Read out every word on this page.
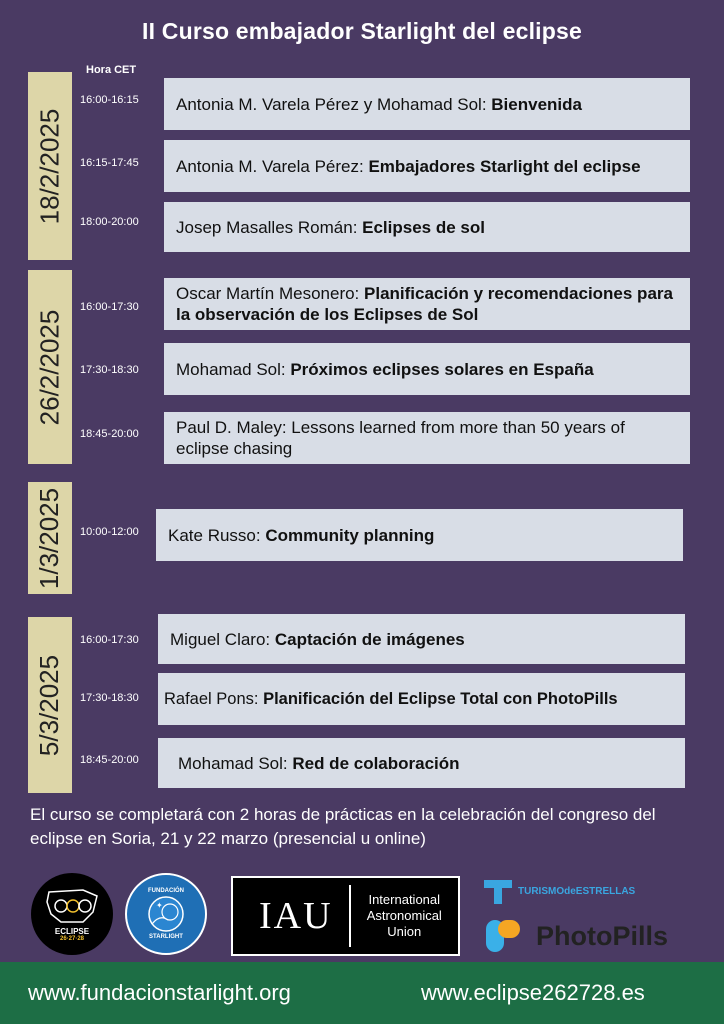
II Curso embajador Starlight del eclipse
Hora CET
18/2/2025
16:00-16:15	Antonia M. Varela Pérez y Mohamad Sol: Bienvenida
16:15-17:45	Antonia M. Varela Pérez: Embajadores Starlight del eclipse
18:00-20:00	Josep Masalles Román: Eclipses de sol
26/2/2025
16:00-17:30
Oscar Martín Mesonero: Planificación y recomendaciones para la observación de los Eclipses de Sol
17:30-18:30	Mohamad Sol: Próximos eclipses solares en España
18:45-20:00	Paul D. Maley: Lessons learned from more than 50 years of eclipse chasing
1/3/2025 10:00-12:00	Kate Russo: Community planning
5/3/2025
16:00-17:30	Miguel Claro: Captación de imágenes
17:30-18:30	Rafael Pons: Planificación del Eclipse Total con PhotoPills
18:45-20:00	Mohamad Sol: Red de colaboración
El curso se completará con 2 horas de prácticas en la celebración del congreso del eclipse en Soria, 21 y 22 marzo (presencial u online)
ECLIPSE
26·27·28
FUNDACIÓN
✦
STARLIGHT	IAU	International
Astronomical
Union
TURISMO deESTRELLAS
PhotoPills
www.fundacionstarlight.org	www.eclipse262728.es
